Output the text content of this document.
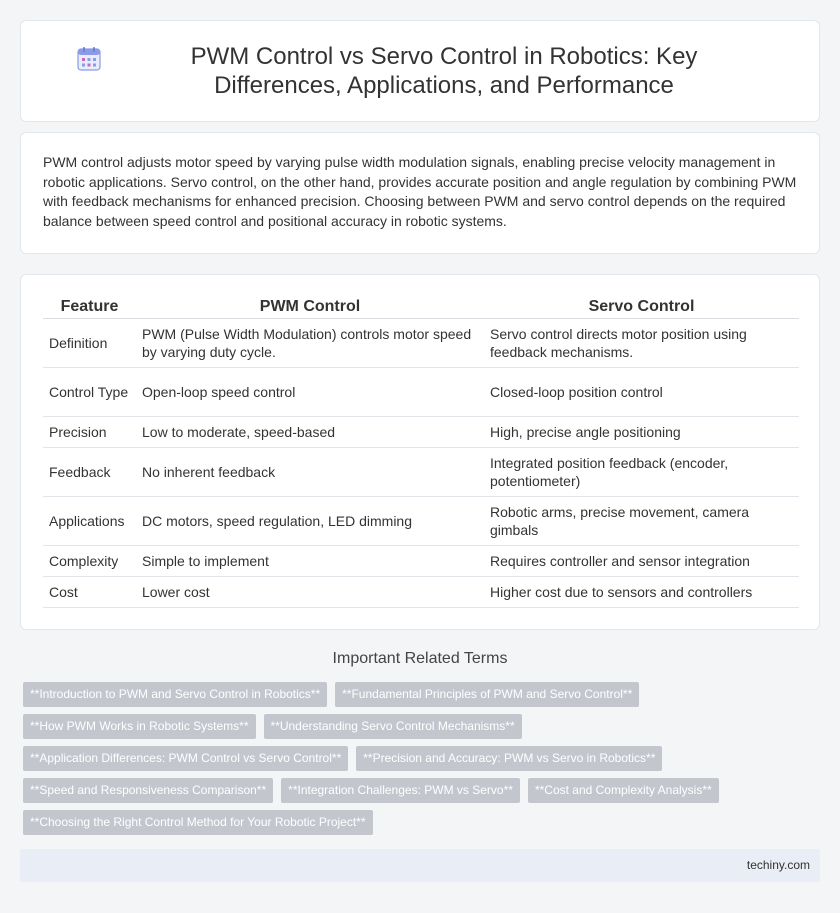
PWM Control vs Servo Control in Robotics: Key Differences, Applications, and Performance

PWM control adjusts motor speed by varying pulse width modulation signals, enabling precise velocity management in robotic applications. Servo control, on the other hand, provides accurate position and angle regulation by combining PWM with feedback mechanisms for enhanced precision. Choosing between PWM and servo control depends on the required balance between speed control and positional accuracy in robotic systems.

Feature	PWM Control	Servo Control
Definition	PWM (Pulse Width Modulation) controls motor speed by varying duty cycle.	Servo control directs motor position using feedback mechanisms.
Control Type	Open-loop speed control	Closed-loop position control
Precision	Low to moderate, speed-based	High, precise angle positioning
Feedback	No inherent feedback	Integrated position feedback (encoder, potentiometer)
Applications	DC motors, speed regulation, LED dimming	Robotic arms, precise movement, camera gimbals
Complexity	Simple to implement	Requires controller and sensor integration
Cost	Lower cost	Higher cost due to sensors and controllers
Important Related Terms
**Introduction to PWM and Servo Control in Robotics**	**Fundamental Principles of PWM and Servo Control**
**How PWM Works in Robotic Systems**	**Understanding Servo Control Mechanisms**
**Application Differences: PWM Control vs Servo Control**	**Precision and Accuracy: PWM vs Servo in Robotics**
**Speed and Responsiveness Comparison**	**Integration Challenges: PWM vs Servo**	**Cost and Complexity Analysis**
**Choosing the Right Control Method for Your Robotic Project**
techiny.com
